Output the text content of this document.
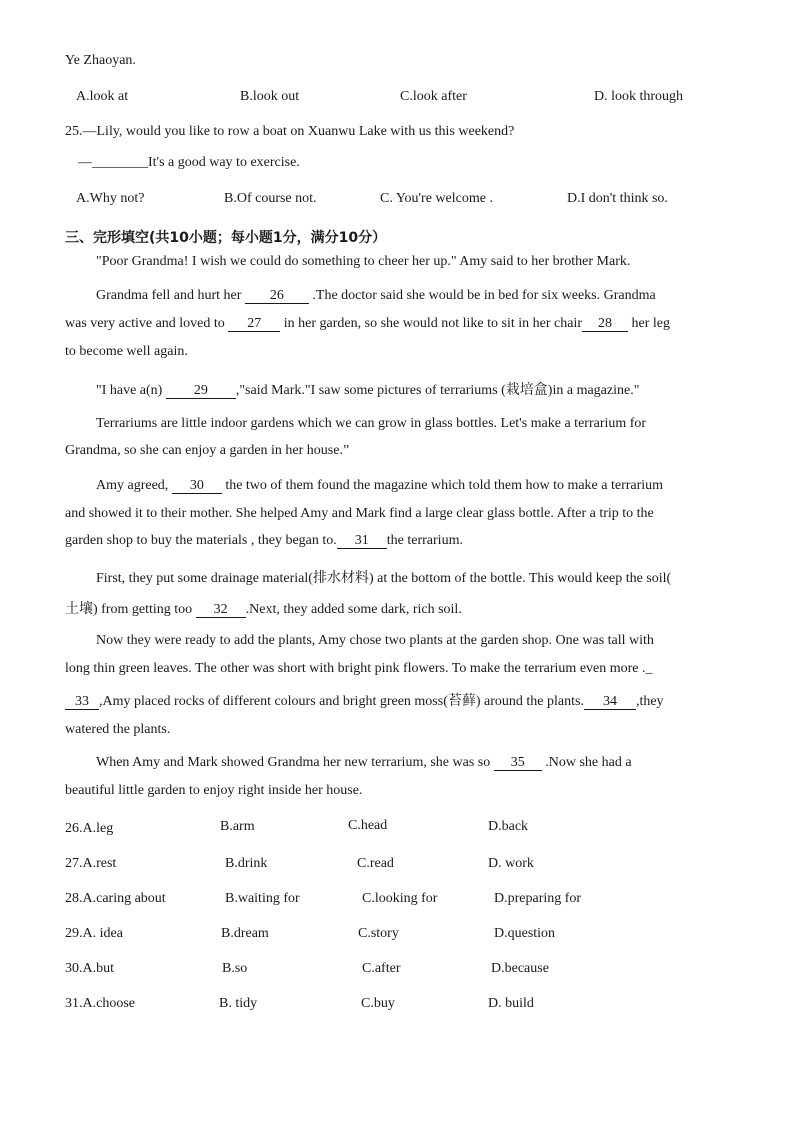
Ye Zhaoyan.
A.look at	B.look out	C.look after	D. look through
25.—Lily, would you like to row a boat on Xuanwu Lake with us this weekend?
—________It's a good way to exercise.
A.Why not?	B.Of course not.	C. You're welcome .	D.I don't think so.
三、完形填空(共10小题；每小题1分，满分10分）
"Poor Grandma! I wish we could do something to cheer her up." Amy said to her brother Mark.
Grandma fell and hurt her 26 .The doctor said she would be in bed for six weeks. Grandma
was very active and loved to 27 in her garden, so she would not like to sit in her chair 28 her leg
to become well again.
"I have a(n) 29 ,"said Mark."I saw some pictures of terrariums (栽培盒)in a magazine."
Terrariums are little indoor gardens which we can grow in glass bottles. Let's make a terrarium for
Grandma, so she can enjoy a garden in her house.”
Amy agreed, 30 the two of them found the magazine which told them how to make a terrarium
and showed it to their mother. She helped Amy and Mark find a large clear glass bottle. After a trip to the
garden shop to buy the materials , they began to. 31 the terrarium.
First, they put some drainage material(排水材料) at the bottom of the bottle. This would keep the soil(
土壤) from getting too 32 .Next, they added some dark, rich soil.
Now they were ready to add the plants, Amy chose two plants at the garden shop. One was tall with
long thin green leaves. The other was short with bright pink flowers. To make the terrarium even more ._
33 ,Amy placed rocks of different colours and bright green moss(苔藓) around the plants. 34 ,they
watered the plants.
When Amy and Mark showed Grandma her new terrarium, she was so 35 .Now she had a
beautiful little garden to enjoy right inside her house.
26.A.leg	B.arm	C.head	D.back
27.A.rest	B.drink	C.read	D. work
28.A.caring about	B.waiting for	C.looking for	D.preparing for
29.A. idea	B.dream	C.story	D.question
30.A.but	B.so	C.after	D.because
31.A.choose	B. tidy	C.buy	D. build
